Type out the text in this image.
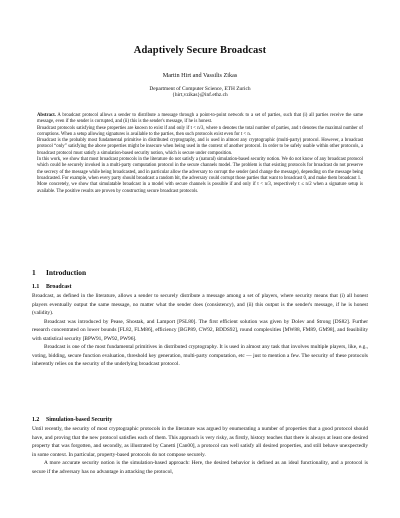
Adaptively Secure Broadcast
Martin Hirt and Vassilis Zikas
Department of Computer Science, ETH Zurich
{hirt,vzikas}@inf.ethz.ch

Abstract. A broadcast protocol allows a sender to distribute a message through a point-to-point network to a set of parties, such that (i) all parties receive the same message, even if the sender is corrupted, and (ii) this is the sender's message, if he is honest.

Broadcast protocols satisfying these properties are known to exist if and only if t < n/3, where n denotes the total number of parties, and t denotes the maximal number of corruptions. When a setup allowing signatures is available to the parties, then such protocols exist even for t < n.

Broadcast is the probably most fundamental primitive in distributed cryptography, and is used in almost any cryptographic (multi-party) protocol. However, a broadcast protocol “only” satisfying the above properties might be insecure when being used in the context of another protocol. In order to be safely usable within other protocols, a broadcast protocol must satisfy a simulation-based security notion, which is secure under composition.

In this work, we show that most broadcast protocols in the literature do not satisfy a (natural) simulation-based security notion. We do not know of any broadcast protocol which could be securely invoked in a multi-party computation protocol in the secure channels model. The problem is that existing protocols for broadcast do not preserve the secrecy of the message while being broadcasted, and in particular allow the adversary to corrupt the sender (and change the message), depending on the message being broadcasted. For example, when every party should broadcast a random bit, the adversary could corrupt those parties that want to broadcast 0, and make them broadcast 1.

More concretely, we show that simulatable broadcast in a model with secure channels is possible if and only if t < n/3, respectively t ≤ n/2 when a signature setup is available. The positive results are proven by constructing secure broadcast protocols.

1 Introduction
1.1 Broadcast

Broadcast, as defined in the literature, allows a sender to securely distribute a message among a set of players, where security means that (i) all honest players eventually output the same message, no matter what the sender does (consistency), and (ii) this output is the sender's message, if he is honest (validity).

Broadcast was introduced by Pease, Shostak, and Lamport [PSL80]. The first efficient solution was given by Dolev and Strong [DS82]. Further research concentrated on lower bounds [FL82, FLM86], efficiency [BGP89, CW92, BDDS92], round complexities [MW88, FM89, GM98], and feasibility with statistical security [BPW91, PW92, PW96].

Broadcast is one of the most fundamental primitives in distributed cryptography. It is used in almost any task that involves multiple players, like, e.g., voting, bidding, secure function evaluation, threshold key generation, multi-party computation, etc — just to mention a few. The security of these protocols inherently relies on the security of the underlying broadcast protocol.

1.2 Simulation-based Security

Until recently, the security of most cryptographic protocols in the literature was argued by enumerating a number of properties that a good protocol should have, and proving that the new protocol satisfies each of them. This approach is very risky, as firstly, history teaches that there is always at least one desired property that was forgotten, and secondly, as illustrated by Canetti [Can00], a protocol can well satisfy all desired properties, and still behave unexpectedly in some context. In particular, property-based protocols do not compose securely.

A more accurate security notion is the simulation-based approach: Here, the desired behavior is defined as an ideal functionality, and a protocol is secure if the adversary has no advantage in attacking the protocol,
